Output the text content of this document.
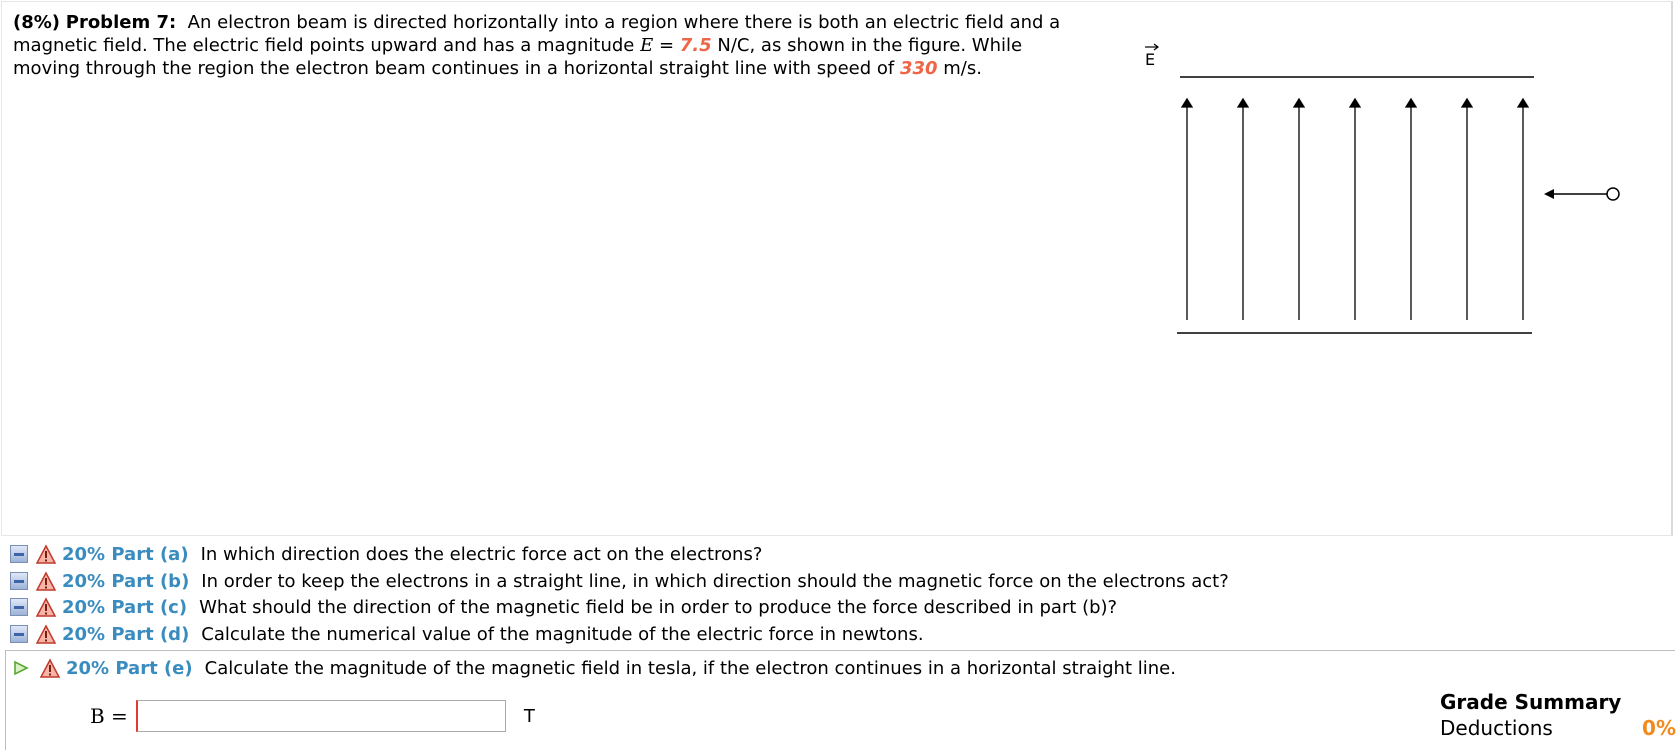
(8%) Problem 7: An electron beam is directed horizontally into a region where there is both an electric field and a magnetic field. The electric field points upward and has a magnitude E = 7.5 N/C, as shown in the figure. While moving through the region the electron beam continues in a horizontal straight line with speed of 330 m/s.	E
20% Part (a) In which direction does the electric force act on the electrons?
20% Part (b) In order to keep the electrons in a straight line, in which direction should the magnetic force on the electrons act?
20% Part (c) What should the direction of the magnetic field be in order to produce the force described in part (b)?
20% Part (d) Calculate the numerical value of the magnitude of the electric force in newtons.
20% Part (e) Calculate the magnitude of the magnetic field in tesla, if the electron continues in a horizontal straight line.
B =	T
Grade Summary
Deductions	0%
